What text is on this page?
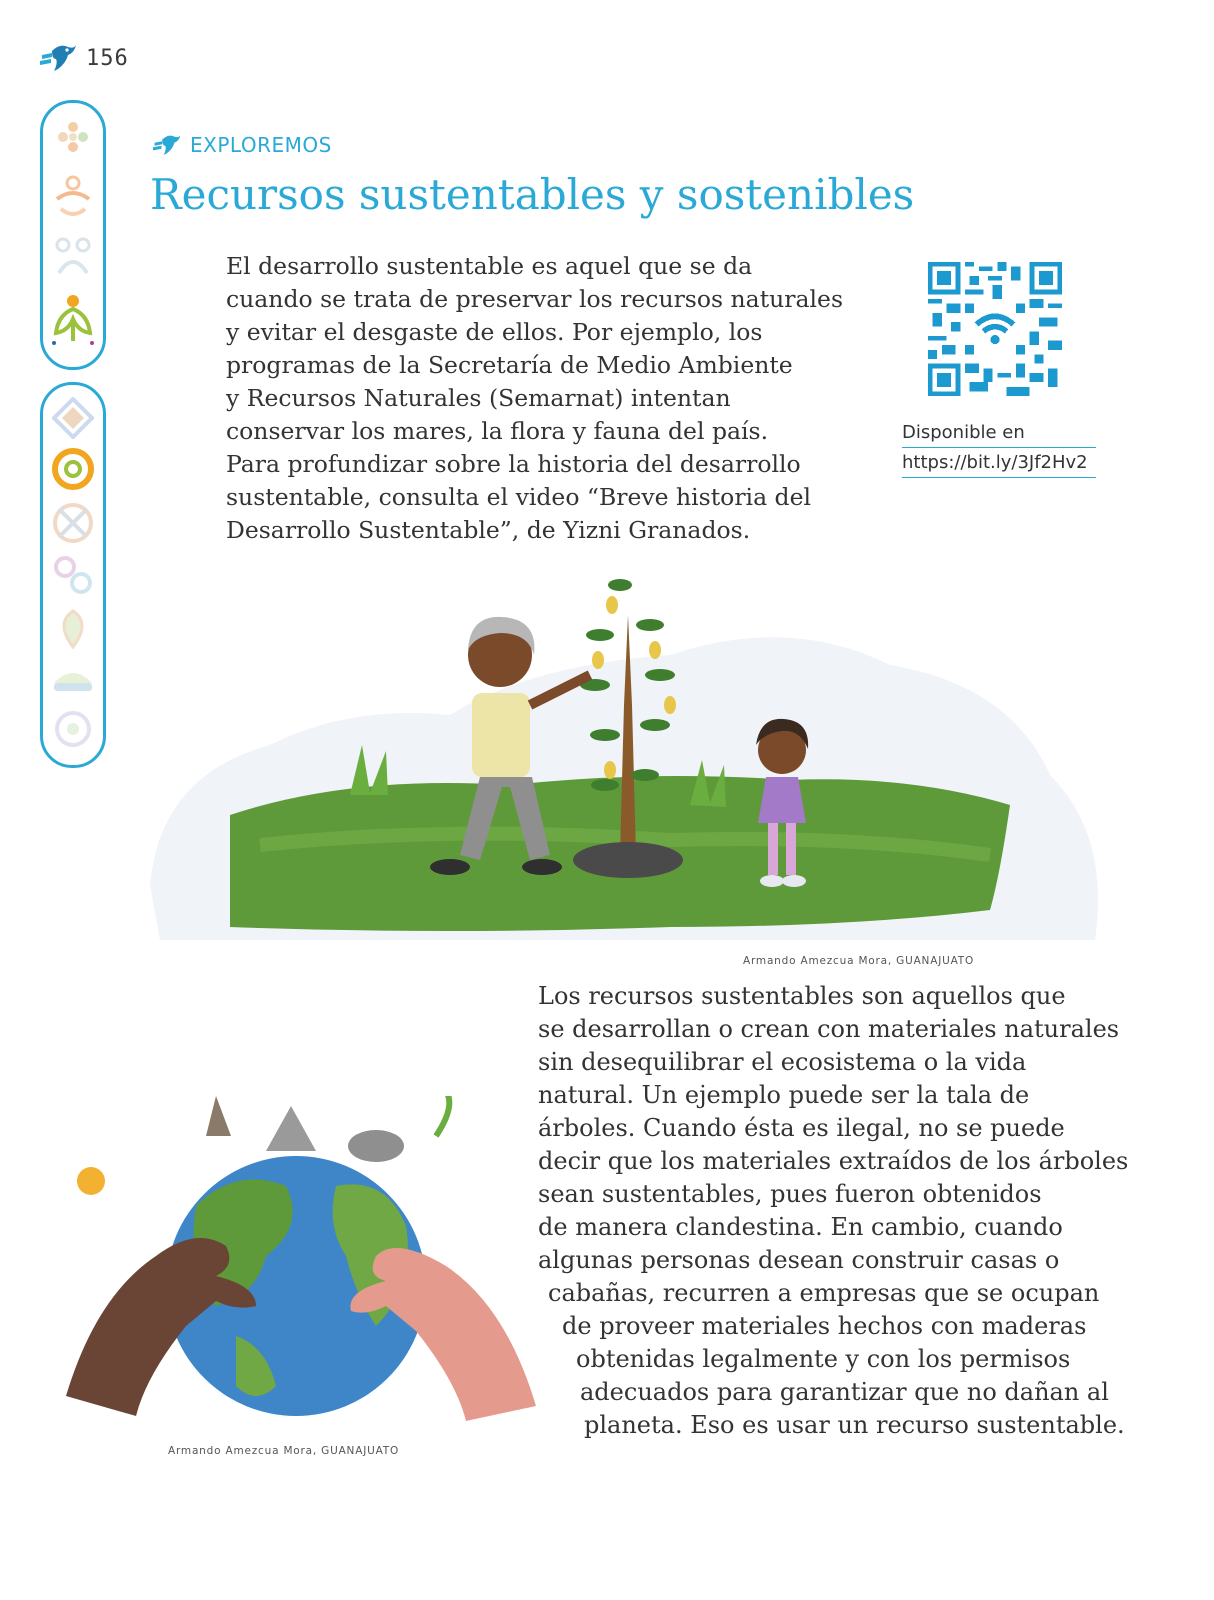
156
EXPLOREMOS
Recursos sustentables y sostenibles

El desarrollo sustentable es aquel que se da
cuando se trata de preservar los recursos naturales
y evitar el desgaste de ellos. Por ejemplo, los
programas de la Secretaría de Medio Ambiente
y Recursos Naturales (Semarnat) intentan
conservar los mares, la flora y fauna del país.
Para profundizar sobre la historia del desarrollo
sustentable, consulta el video “Breve historia del
Desarrollo Sustentable”, de Yizni Granados.

Disponible en
https://bit.ly/3Jf2Hv2
Armando Amezcua Mora, GUANAJUATO
Armando Amezcua Mora, GUANAJUATO

Los recursos sustentables son aquellos que
se desarrollan o crean con materiales naturales
sin desequilibrar el ecosistema o la vida
natural. Un ejemplo puede ser la tala de
árboles. Cuando ésta es ilegal, no se puede
decir que los materiales extraídos de los árboles
sean sustentables, pues fueron obtenidos
de manera clandestina. En cambio, cuando
algunas personas desean construir casas o
cabañas, recurren a empresas que se ocupan
de proveer materiales hechos con maderas
obtenidas legalmente y con los permisos
adecuados para garantizar que no dañan al
planeta. Eso es usar un recurso sustentable.
